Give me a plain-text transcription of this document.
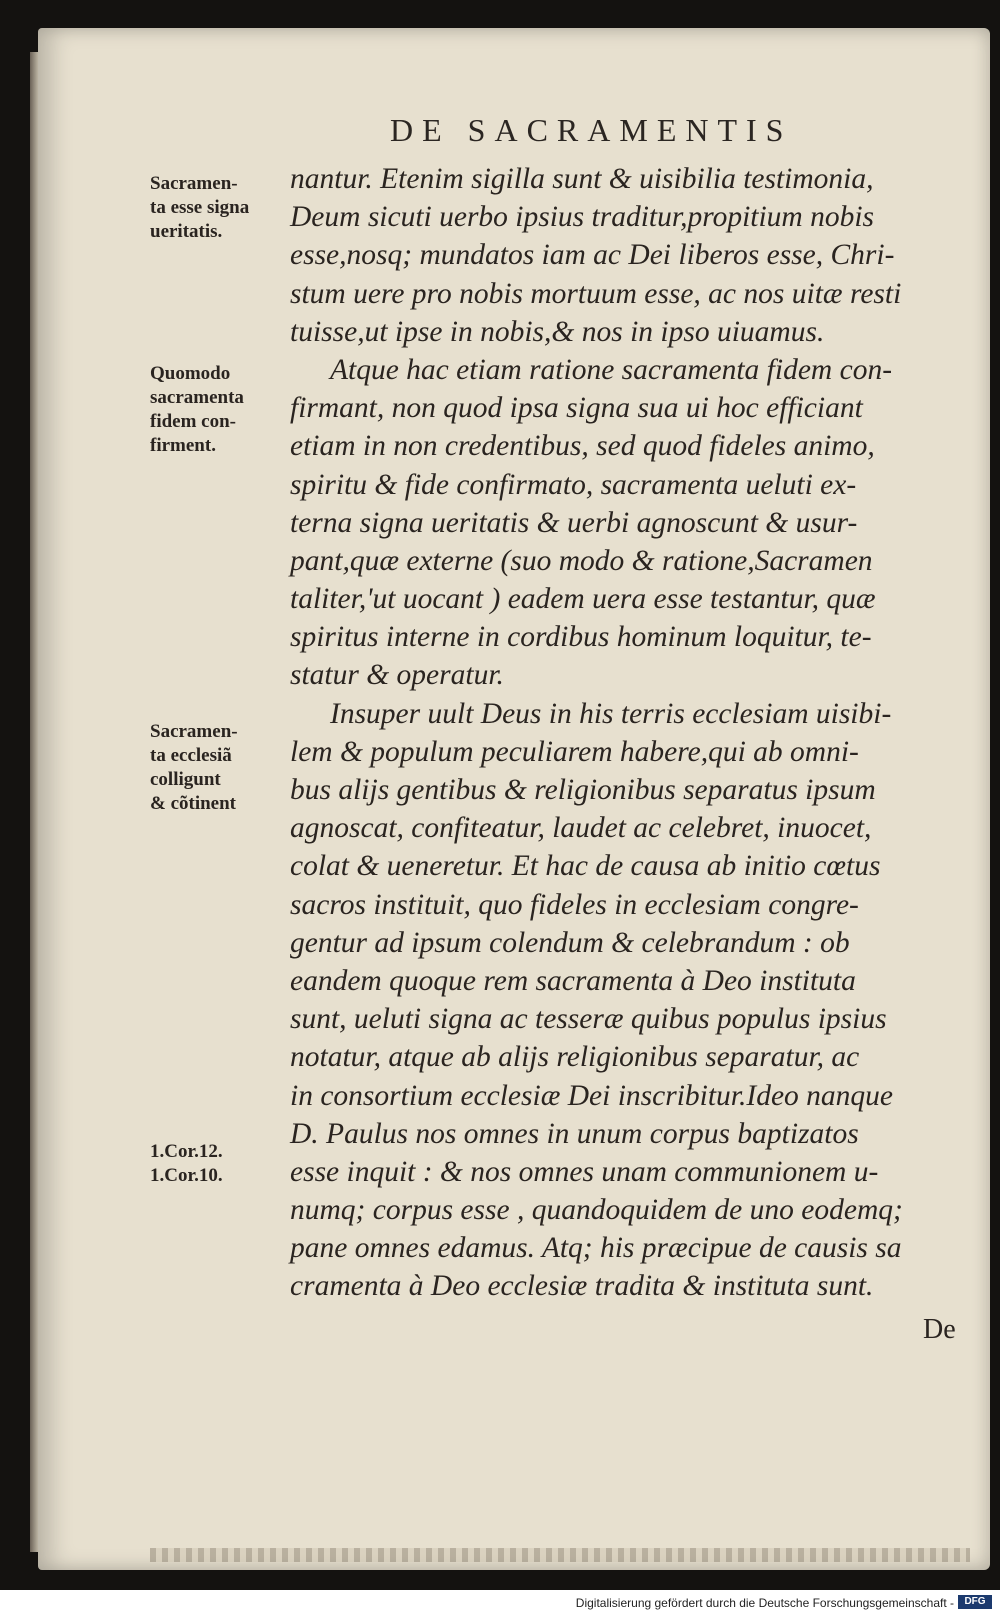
DE SACRAMENTIS
Sacramen-
ta esse signa
ueritatis.
Quomodo
sacramenta
fidem con-
firment.
Sacramen-
ta ecclesiã
colligunt
& cõtinent
1.Cor.12.
1.Cor.10.
nantur. Etenim sigilla sunt & uisibilia testimonia,
Deum sicuti uerbo ipsius traditur,propitium nobis
esse,nosq; mundatos iam ac Dei liberos esse, Chri-
stum uere pro nobis mortuum esse, ac nos uitæ resti
tuisse,ut ipse in nobis,& nos in ipso uiuamus.
Atque hac etiam ratione sacramenta fidem con-
firmant, non quod ipsa signa sua ui hoc efficiant
etiam in non credentibus, sed quod fideles animo,
spiritu & fide confirmato, sacramenta ueluti ex-
terna signa ueritatis & uerbi agnoscunt & usur-
pant,quæ externe (suo modo & ratione,Sacramen
taliter,'ut uocant ) eadem uera esse testantur, quæ
spiritus interne in cordibus hominum loquitur, te-
statur & operatur.
Insuper uult Deus in his terris ecclesiam uisibi-
lem & populum peculiarem habere,qui ab omni-
bus alijs gentibus & religionibus separatus ipsum
agnoscat, confiteatur, laudet ac celebret, inuocet,
colat & ueneretur. Et hac de causa ab initio cœtus
sacros instituit, quo fideles in ecclesiam congre-
gentur ad ipsum colendum & celebrandum : ob
eandem quoque rem sacramenta à Deo instituta
sunt, ueluti signa ac tesseræ quibus populus ipsius
notatur, atque ab alijs religionibus separatur, ac
in consortium ecclesiæ Dei inscribitur.Ideo nanque
D. Paulus nos omnes in unum corpus baptizatos
esse inquit : & nos omnes unam communionem u-
numq; corpus esse , quandoquidem de uno eodemq;
pane omnes edamus. Atq; his præcipue de causis sa
cramenta à Deo ecclesiæ tradita & instituta sunt.
De
Digitalisierung gefördert durch die Deutsche Forschungsgemeinschaft -	DFG
